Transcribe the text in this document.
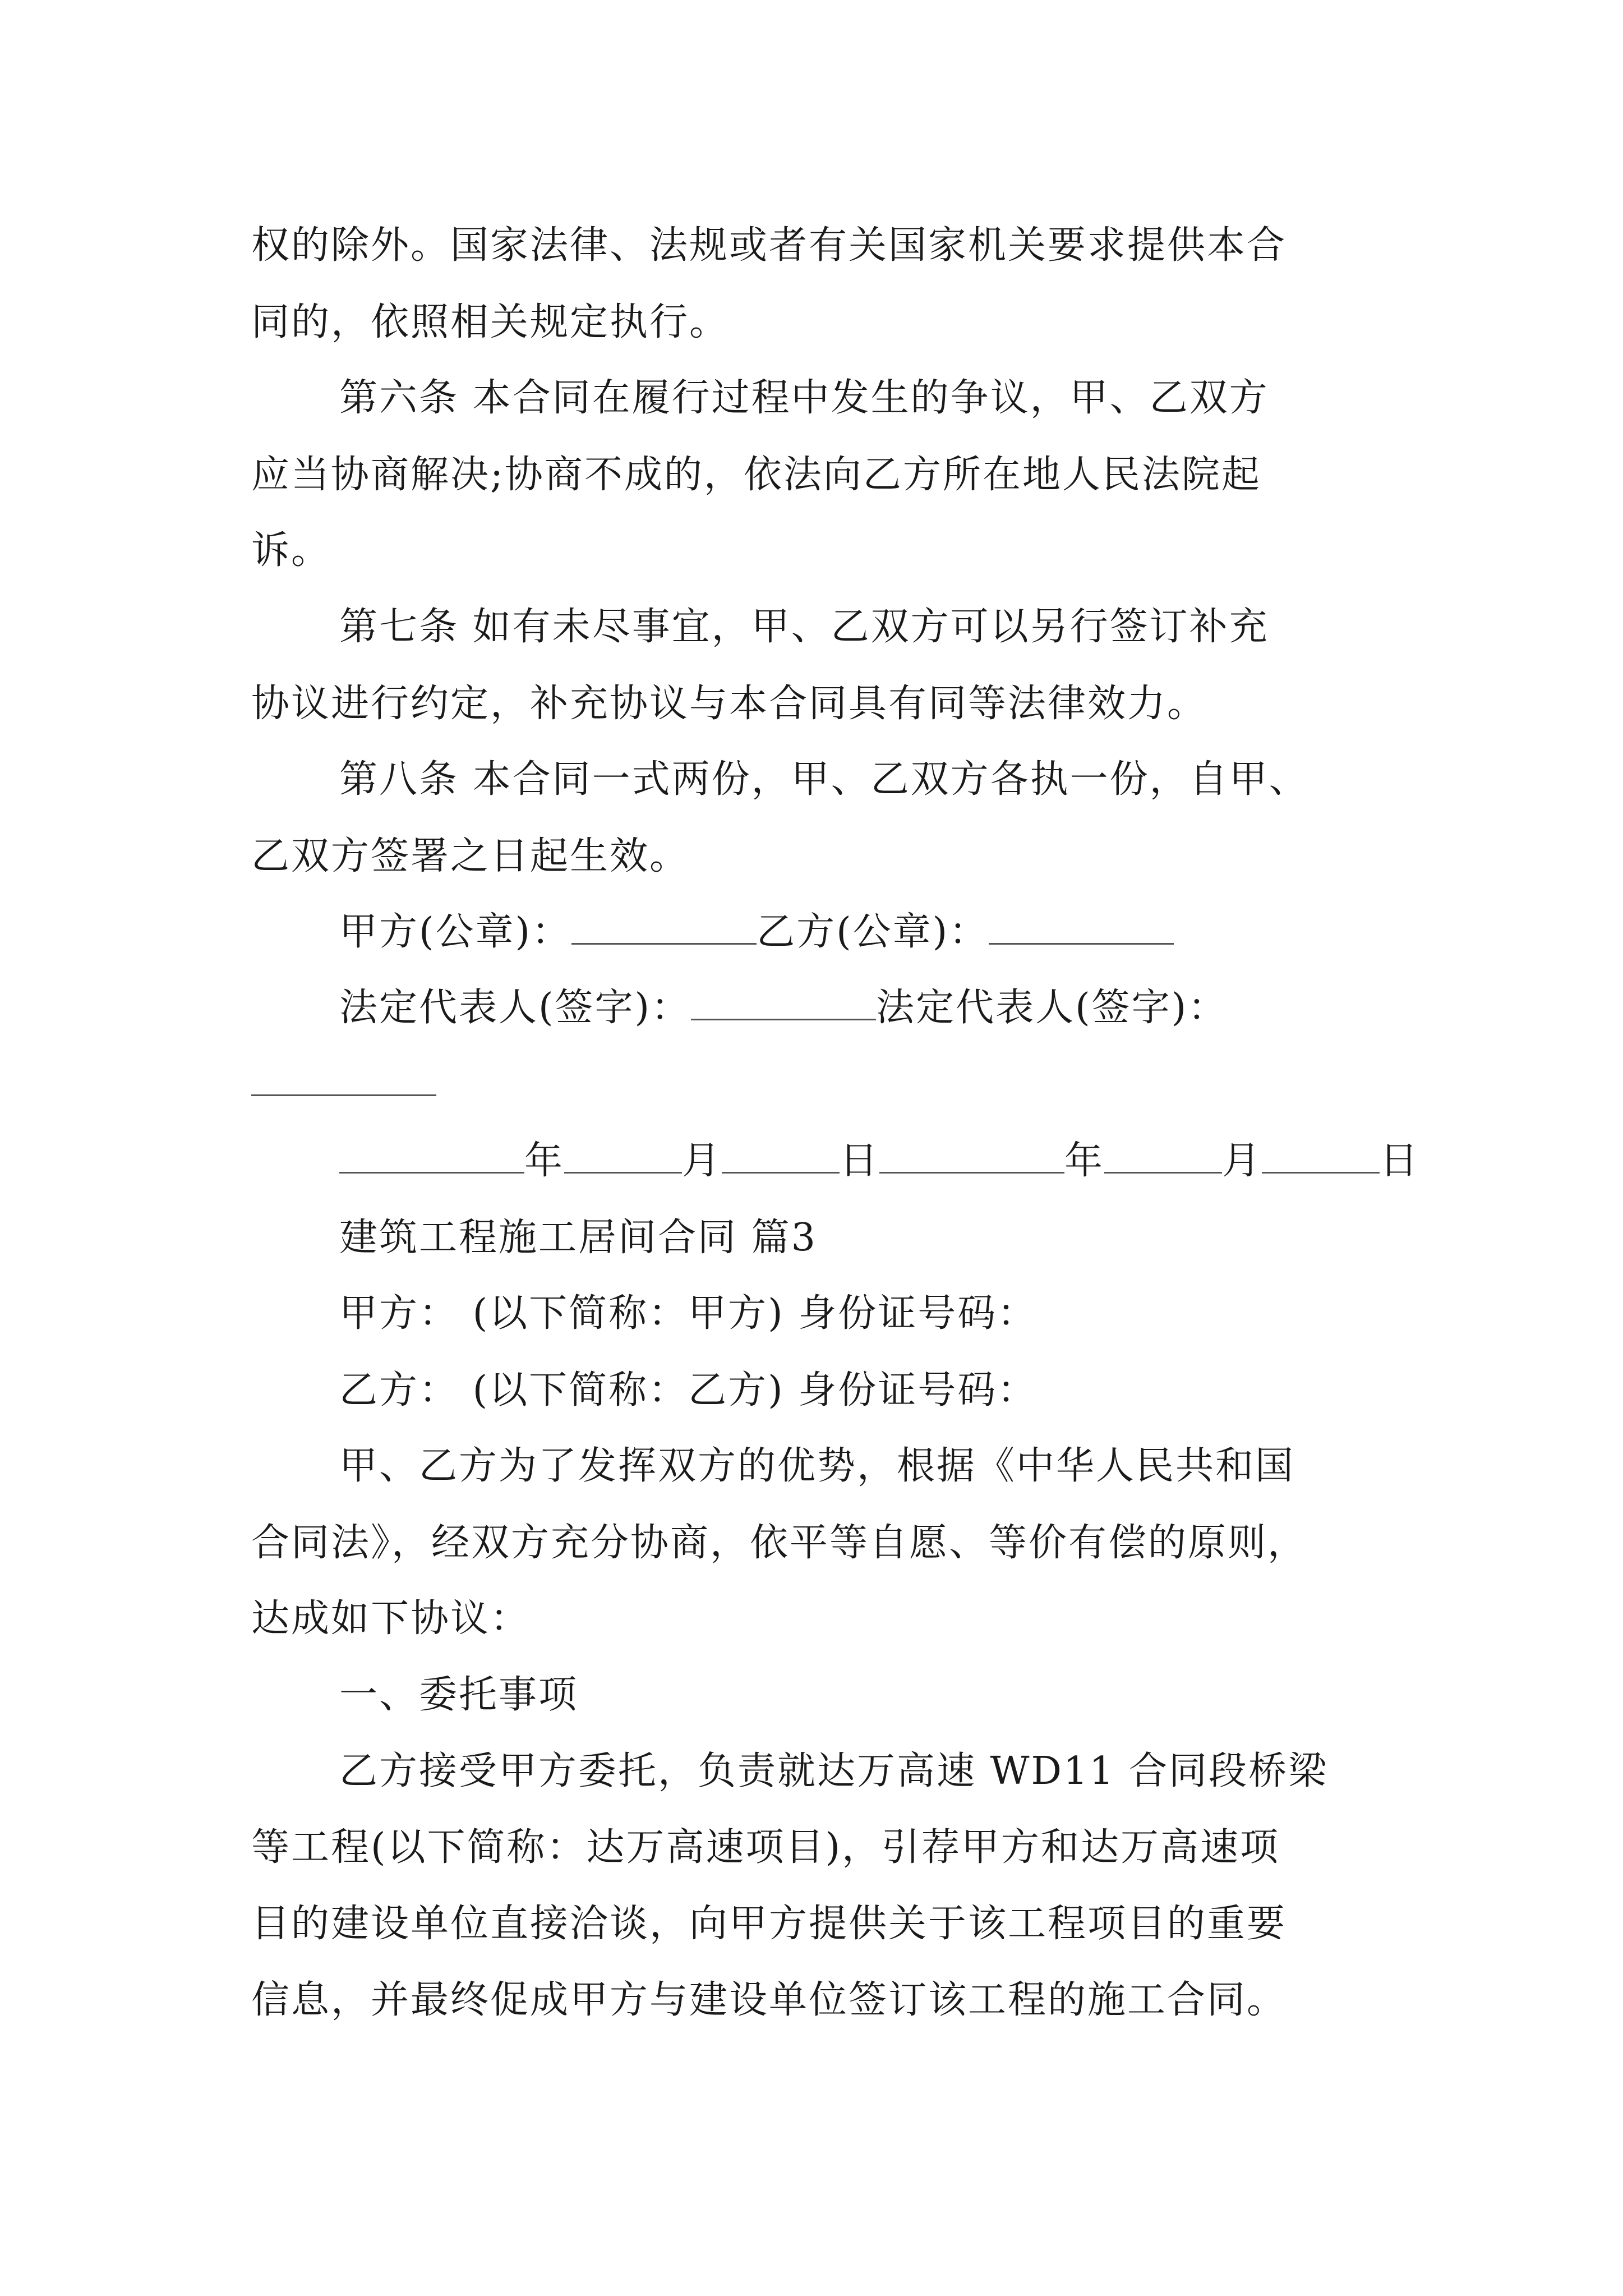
权的除外。国家法律、法规或者有关国家机关要求提供本合
同的，依照相关规定执行。
第六条 本合同在履行过程中发生的争议，甲、乙双方
应当协商解决;协商不成的，依法向乙方所在地人民法院起
诉。
第七条 如有未尽事宜，甲、乙双方可以另行签订补充
协议进行约定，补充协议与本合同具有同等法律效力。
第八条 本合同一式两份，甲、乙双方各执一份，自甲、
乙双方签署之日起生效。
甲方(公章)：	乙方(公章)：
法定代表人(签字)：	法定代表人(签字)：
年	月	日	年	月	日
建筑工程施工居间合同 篇3
甲方： (以下简称：甲方) 身份证号码：
乙方： (以下简称：乙方) 身份证号码：
甲、乙方为了发挥双方的优势，根据《中华人民共和国
合同法》，经双方充分协商，依平等自愿、等价有偿的原则，
达成如下协议：
一、委托事项
乙方接受甲方委托，负责就达万高速 WD11 合同段桥梁
等工程(以下简称：达万高速项目)，引荐甲方和达万高速项
目的建设单位直接洽谈，向甲方提供关于该工程项目的重要
信息，并最终促成甲方与建设单位签订该工程的施工合同。
